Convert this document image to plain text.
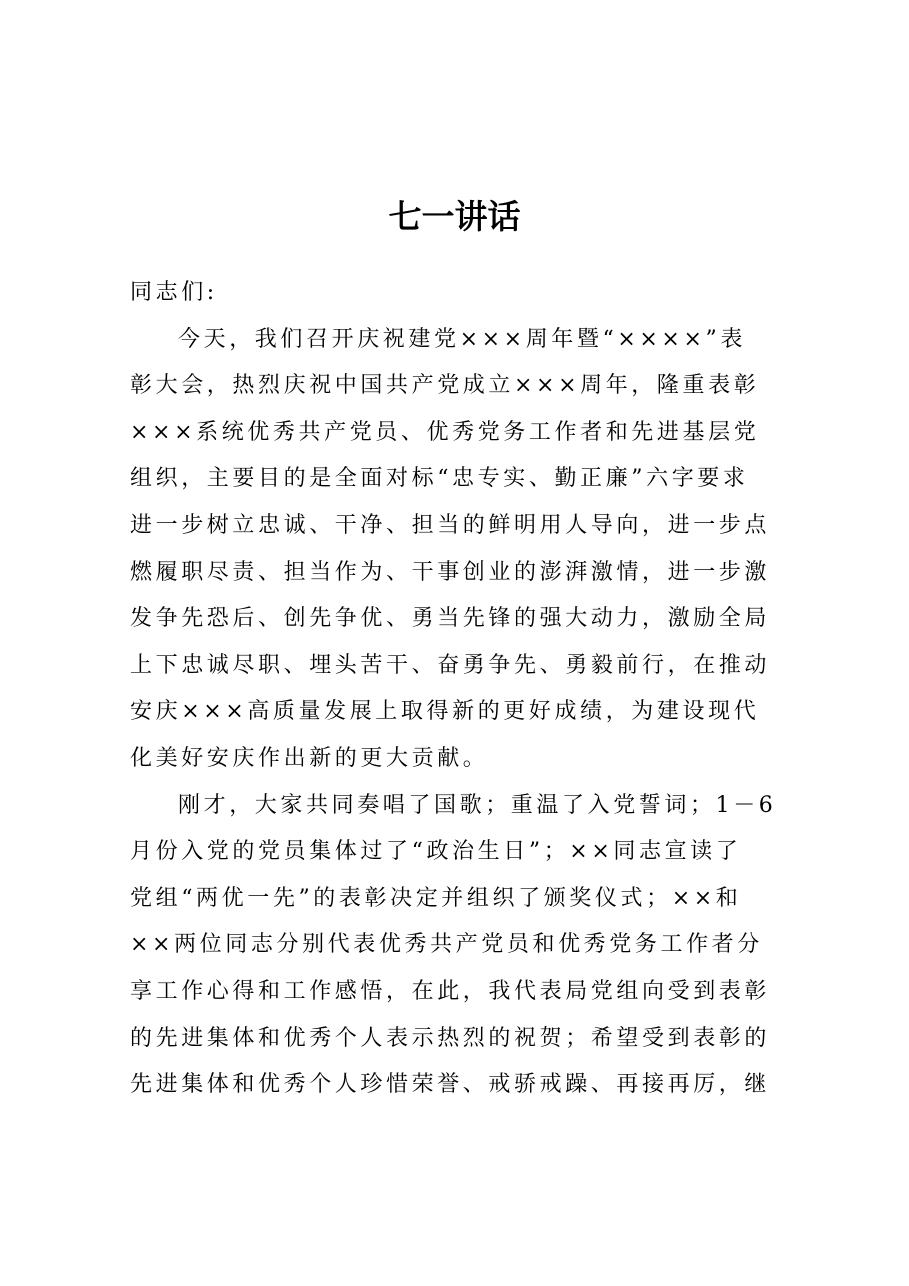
七一讲话
同志们:
今天，我们召开庆祝建党×××周年暨“××××”表
彰大会，热烈庆祝中国共产党成立×××周年，隆重表彰
×××系统优秀共产党员、优秀党务工作者和先进基层党
组织，主要目的是全面对标“忠专实、勤正廉”六字要求
进一步树立忠诚、干净、担当的鲜明用人导向，进一步点
燃履职尽责、担当作为、干事创业的澎湃激情，进一步激
发争先恐后、创先争优、勇当先锋的强大动力，激励全局
上下忠诚尽职、埋头苦干、奋勇争先、勇毅前行，在推动
安庆×××高质量发展上取得新的更好成绩，为建设现代
化美好安庆作出新的更大贡献。
刚才，大家共同奏唱了国歌；重温了入党誓词；1－6
月份入党的党员集体过了“政治生日”；××同志宣读了
党组“两优一先”的表彰决定并组织了颁奖仪式；××和
××两位同志分别代表优秀共产党员和优秀党务工作者分
享工作心得和工作感悟，在此，我代表局党组向受到表彰
的先进集体和优秀个人表示热烈的祝贺；希望受到表彰的
先进集体和优秀个人珍惜荣誉、戒骄戒躁、再接再厉，继
